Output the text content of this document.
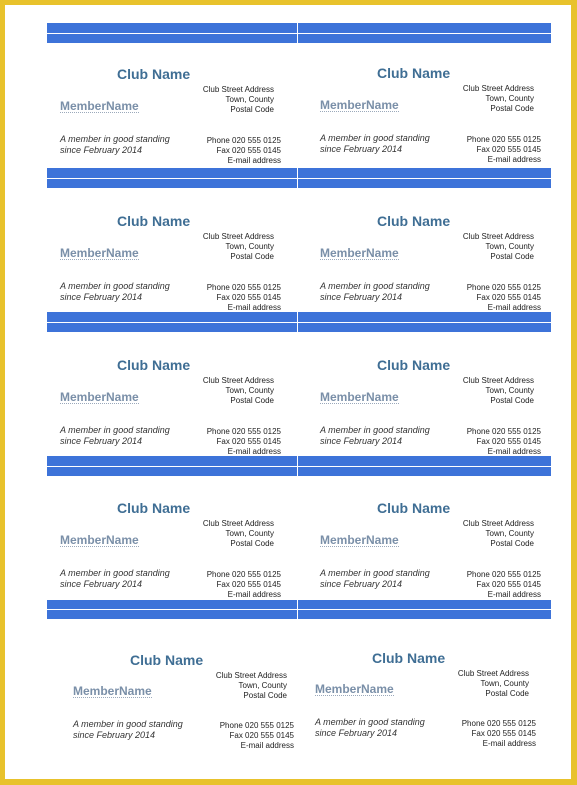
Club Name
MemberName
Club Street Address
Town, County
Postal Code
A member in good standing
since February 2014
Phone 020 555 0125
Fax 020 555 0145
E-mail address
Club Name
MemberName
Club Street Address
Town, County
Postal Code
A member in good standing
since February 2014
Phone 020 555 0125
Fax 020 555 0145
E-mail address
Club Name
MemberName
Club Street Address
Town, County
Postal Code
A member in good standing
since February 2014
Phone 020 555 0125
Fax 020 555 0145
E-mail address
Club Name
MemberName
Club Street Address
Town, County
Postal Code
A member in good standing
since February 2014
Phone 020 555 0125
Fax 020 555 0145
E-mail address
Club Name
MemberName
Club Street Address
Town, County
Postal Code
A member in good standing
since February 2014
Phone 020 555 0125
Fax 020 555 0145
E-mail address
Club Name
MemberName
Club Street Address
Town, County
Postal Code
A member in good standing
since February 2014
Phone 020 555 0125
Fax 020 555 0145
E-mail address
Club Name
MemberName
Club Street Address
Town, County
Postal Code
A member in good standing
since February 2014
Phone 020 555 0125
Fax 020 555 0145
E-mail address
Club Name
MemberName
Club Street Address
Town, County
Postal Code
A member in good standing
since February 2014
Phone 020 555 0125
Fax 020 555 0145
E-mail address
Club Name
MemberName
Club Street Address
Town, County
Postal Code
A member in good standing
since February 2014
Phone 020 555 0125
Fax 020 555 0145
E-mail address
Club Name
MemberName
Club Street Address
Town, County
Postal Code
A member in good standing
since February 2014
Phone 020 555 0125
Fax 020 555 0145
E-mail address
